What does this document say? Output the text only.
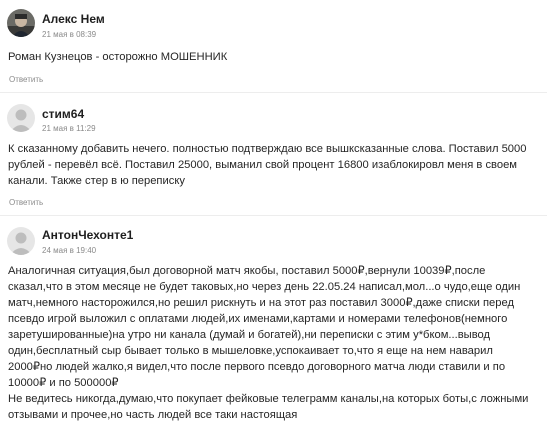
Алекс Нем
21 мая в 08:39

Роман Кузнецов - осторожно МОШЕННИК

Ответить
стим64
21 мая в 11:29

К сказанному добавить нечего. полностью подтверждаю все вышксказанные слова. Поставил 5000 рублей - перевёл всё. Поставил 25000, выманил свой процент 16800 изаблокировл меня в своем канали. Также стер в ю переписку

Ответить
АнтонЧехонте1
24 мая в 19:40

Аналогичная ситуация,был договорной матч якобы, поставил 5000₽,вернули 10039₽,после сказал,что в этом месяце не будет таковых,но через день 22.05.24 написал,мол...о чудо,еще один матч,немного насторожился,но решил рискнуть и на этот раз поставил 3000₽,даже списки перед псевдо игрой выложил с оплатами людей,их именами,картами и номерами телефонов(немного заретушированные)на утро ни канала (думай и богатей),ни переписки с этим у*бком...вывод один,бесплатный сыр бывает только в мышеловке,успокаивает то,что я еще на нем наварил 2000₽но людей жалко,я видел,что после первого псевдо договорного матча люди ставили и по 10000₽ и по 500000₽
Не ведитесь никогда,думаю,что покупает фейковые телеграмм каналы,на которых боты,с ложными отзывами и прочее,но часть людей все таки настоящая
